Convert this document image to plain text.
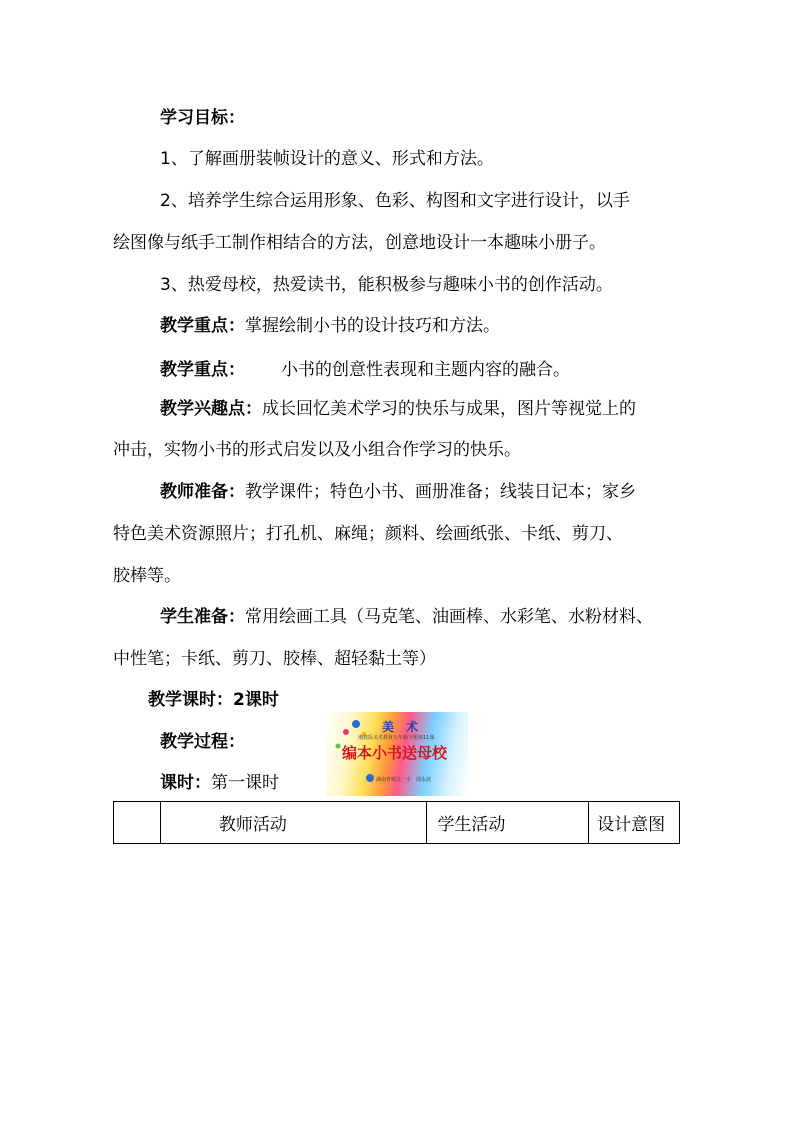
学习目标：
1、了解画册装帧设计的意义、形式和方法。
2、培养学生综合运用形象、色彩、构图和文字进行设计，以手
绘图像与纸手工制作相结合的方法，创意地设计一本趣味小册子。
3、热爱母校，热爱读书，能积极参与趣味小书的创作活动。
教学重点：掌握绘制小书的设计技巧和方法。
教学重点： 小书的创意性表现和主题内容的融合。
教学兴趣点：成长回忆美术学习的快乐与成果，图片等视觉上的
冲击，实物小书的形式启发以及小组合作学习的快乐。
教师准备：教学课件；特色小书、画册准备；线装日记本；家乡
特色美术资源照片；打孔机、麻绳；颜料、绘画纸张、卡纸、剪刀、
胶棒等。
学生准备：常用绘画工具（马克笔、油画棒、水彩笔、水粉材料、
中性笔；卡纸、剪刀、胶棒、超轻黏土等）
教学课时：2课时
教学过程：
课时：第一课时
美 术
湘教版美术教材五年级下册第11课
编本小书送母校
湖南省城关一小　周永波
	教师活动	学生活动	设计意图
